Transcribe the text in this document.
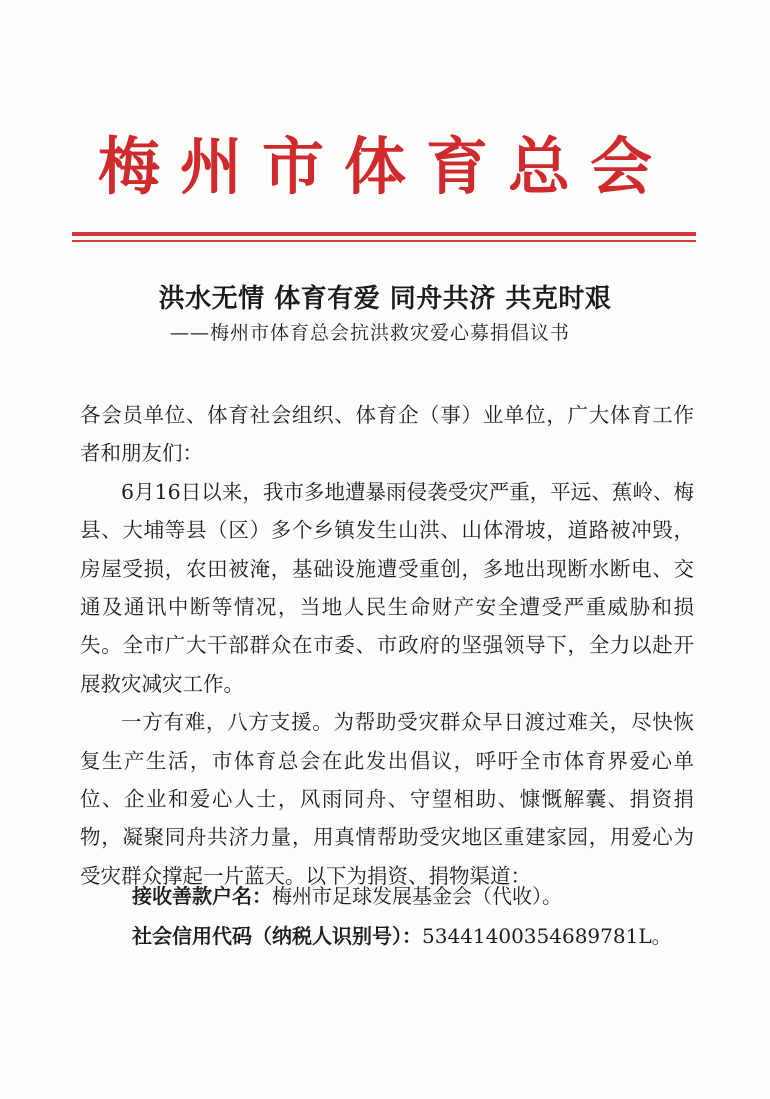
梅州市体育总会
洪水无情 体育有爱 同舟共济 共克时艰
——梅州市体育总会抗洪救灾爱心募捐倡议书

各会员单位、体育社会组织、体育企（事）业单位，广大体育工作者和朋友们：

6月16日以来，我市多地遭暴雨侵袭受灾严重，平远、蕉岭、梅县、大埔等县（区）多个乡镇发生山洪、山体滑坡，道路被冲毁，房屋受损，农田被淹，基础设施遭受重创，多地出现断水断电、交通及通讯中断等情况，当地人民生命财产安全遭受严重威胁和损失。全市广大干部群众在市委、市政府的坚强领导下，全力以赴开展救灾减灾工作。

一方有难，八方支援。为帮助受灾群众早日渡过难关，尽快恢复生产生活，市体育总会在此发出倡议，呼吁全市体育界爱心单位、企业和爱心人士，风雨同舟、守望相助、慷慨解囊、捐资捐物，凝聚同舟共济力量，用真情帮助受灾地区重建家园，用爱心为受灾群众撑起一片蓝天。以下为捐资、捐物渠道：

接收善款户名：梅州市足球发展基金会（代收）。
社会信用代码（纳税人识别号）：53441400354689781L。
